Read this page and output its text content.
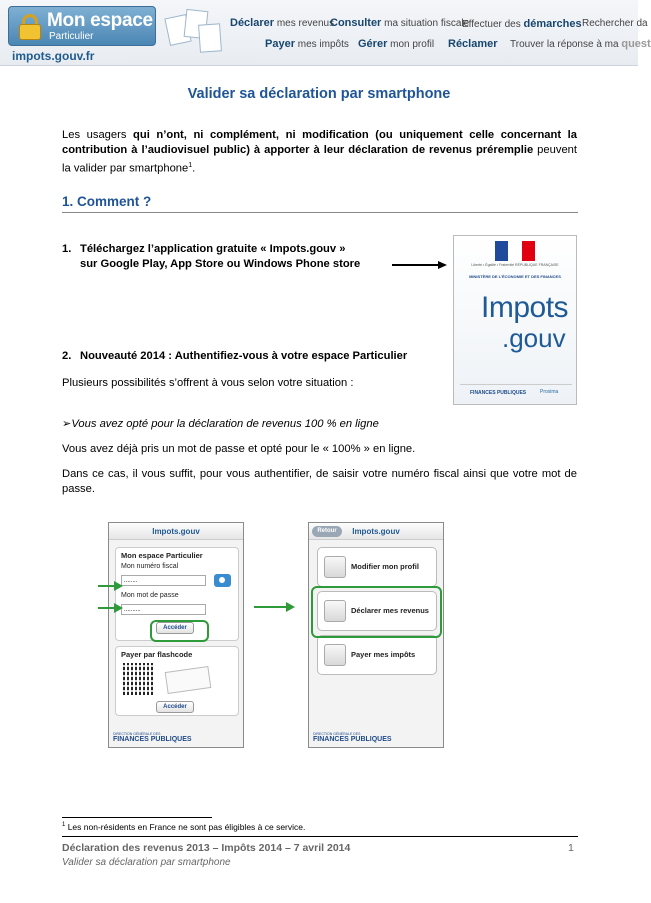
Mon espace
Particulier
impots.gouv.fr
Déclarer mes revenus
Consulter ma situation fiscale
Effectuer des démarches Rechercher da
Payer mes impôts Gérer mon profil Réclamer Trouver la réponse à ma quest
Valider sa déclaration par smartphone

Les usagers qui n’ont, ni complément, ni modification (ou uniquement celle concernant la contribution à l’audiovisuel public) à apporter à leur déclaration de revenus préremplie peuvent la valider par smartphone$^1$.

1. Comment ?
1. Téléchargez l’application gratuite « Impots.gouv »
sur Google Play, App Store ou Windows Phone store	Liberté • Égalité • Fraternité RÉPUBLIQUE FRANÇAISE
MINISTÈRE DE L’ÉCONOMIE ET DES FINANCES
Impots
.gouv
FINANCES PUBLIQUES	Proxima
2. Nouveauté 2014 : Authentifiez-vous à votre espace Particulier

Plusieurs possibilités s’offrent à vous selon votre situation :

➢Vous avez opté pour la déclaration de revenus 100 % en ligne

Vous avez déjà pris un mot de passe et opté pour le « 100% » en ligne.

Dans ce cas, il vous suffit, pour vous authentifier, de saisir votre numéro fiscal ainsi que votre mot de passe.

Impots.gouv
Mon espace Particulier
Mon numéro fiscal
........
Mon mot de passe
..........
Accéder
Payer par flashcode
Accéder
DIRECTION GÉNÉRALE DES
FINANCES PUBLIQUES
Impots.gouv
Retour
Modifier mon profil
Déclarer mes revenus
Payer mes impôts
DIRECTION GÉNÉRALE DES
FINANCES PUBLIQUES
$^1$ Les non-résidents en France ne sont pas éligibles à ce service.
Déclaration des revenus 2013 – Impôts 2014 – 7 avril 2014
Valider sa déclaration par smartphone
1
